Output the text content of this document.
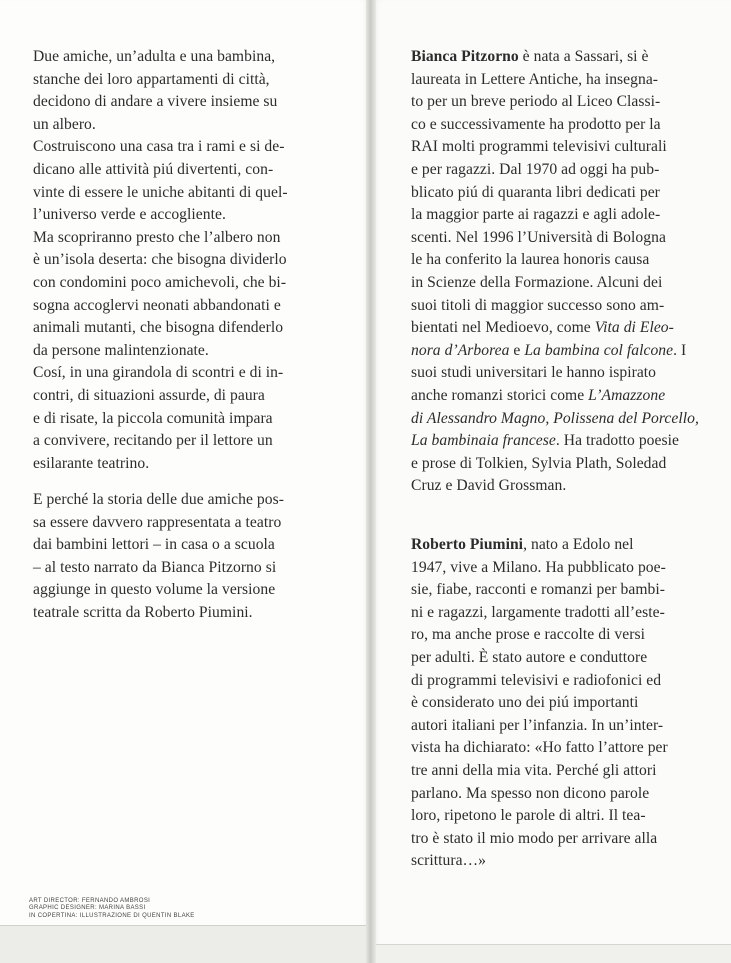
ART DIRECTOR: FERNANDO AMBROSI
GRAPHIC DESIGNER: MARINA BASSI
IN COPERTINA: ILLUSTRAZIONE DI QUENTIN BLAKE

Due amiche, un’adulta e una bambina,
stanche dei loro appartamenti di città,
decidono di andare a vivere insieme su
un albero.
Costruiscono una casa tra i rami e si de-
dicano alle attività piú divertenti, con-
vinte di essere le uniche abitanti di quel-
l’universo verde e accogliente.
Ma scopriranno presto che l’albero non
è un’isola deserta: che bisogna dividerlo
con condomini poco amichevoli, che bi-
sogna accoglervi neonati abbandonati e
animali mutanti, che bisogna difenderlo
da persone malintenzionate.
Cosí, in una girandola di scontri e di in-
contri, di situazioni assurde, di paura
e di risate, la piccola comunità impara
a convivere, recitando per il lettore un
esilarante teatrino.

E perché la storia delle due amiche pos-
sa essere davvero rappresentata a teatro
dai bambini lettori – in casa o a scuola
– al testo narrato da Bianca Pitzorno si
aggiunge in questo volume la versione
teatrale scritta da Roberto Piumini.

Bianca Pitzorno è nata a Sassari, si è
laureata in Lettere Antiche, ha insegna-
to per un breve periodo al Liceo Classi-
co e successivamente ha prodotto per la
RAI molti programmi televisivi culturali
e per ragazzi. Dal 1970 ad oggi ha pub-
blicato piú di quaranta libri dedicati per
la maggior parte ai ragazzi e agli adole-
scenti. Nel 1996 l’Università di Bologna
le ha conferito la laurea honoris causa
in Scienze della Formazione. Alcuni dei
suoi titoli di maggior successo sono am-
bientati nel Medioevo, come Vita di Eleo-
nora d’Arborea e La bambina col falcone. I
suoi studi universitari le hanno ispirato
anche romanzi storici come L’Amazzone
di Alessandro Magno, Polissena del Porcello,
La bambinaia francese. Ha tradotto poesie
e prose di Tolkien, Sylvia Plath, Soledad
Cruz e David Grossman.

Roberto Piumini, nato a Edolo nel
1947, vive a Milano. Ha pubblicato poe-
sie, fiabe, racconti e romanzi per bambi-
ni e ragazzi, largamente tradotti all’este-
ro, ma anche prose e raccolte di versi
per adulti. È stato autore e conduttore
di programmi televisivi e radiofonici ed
è considerato uno dei piú importanti
autori italiani per l’infanzia. In un’inter-
vista ha dichiarato: «Ho fatto l’attore per
tre anni della mia vita. Perché gli attori
parlano. Ma spesso non dicono parole
loro, ripetono le parole di altri. Il tea-
tro è stato il mio modo per arrivare alla
scrittura…»
